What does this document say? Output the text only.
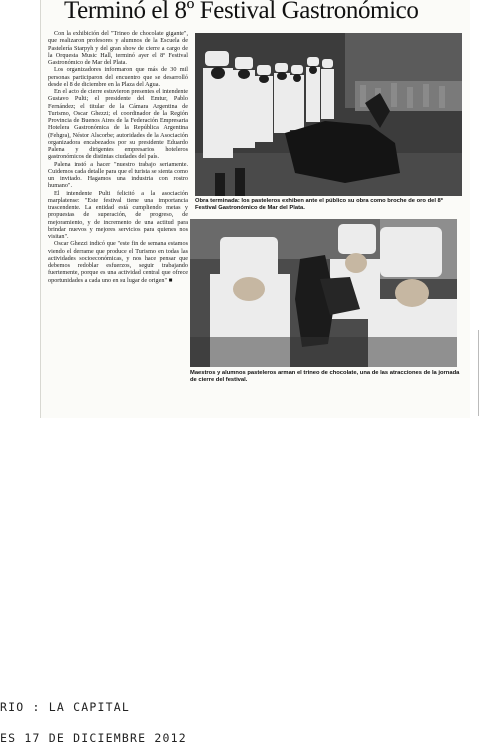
Terminó el 8º Festival Gastronómico

Con la exhibición del "Trineo de chocolate gigante", que realizaron profesores y alumnos de la Escuela de Pastelería Starpyh y del gran show de cierre a cargo de la Orquesta Music Hall, terminó ayer el 8º Festival Gastronómico de Mar del Plata.

Los organizadores informaron que más de 30 mil personas participaron del encuentro que se desarrolló desde el 8 de diciembre en la Plaza del Agua.

En el acto de cierre estuvieron presentes el intendente Gustavo Pulti; el presidente del Emtur, Pablo Fernández; el titular de la Cámara Argentina de Turismo, Oscar Ghezzi; el coordinador de la Región Provincia de Buenos Aires de la Federación Empresaria Hotelera Gastronómica de la República Argentina (Fehgra), Néstor Alscorbe; autoridades de la Asociación organizadora encabezados por su presidente Eduardo Palena y dirigentes empresarios hoteleros gastronómicos de distintas ciudades del país.

Palena instó a hacer "nuestro trabajo seriamente. Cuidemos cada detalle para que el turista se sienta como un invitado. Hagamos una industria con rostro humano".

El intendente Pulti felicitó a la asociación marplatense: "Este festival tiene una importancia trascendente. La entidad está cumpliendo metas y propuestas de superación, de progreso, de mejoramiento, y de incremento de una actitud para brindar nuevos y mejores servicios para quienes nos visitan".

Oscar Ghezzi indicó que "este fin de semana estamos viendo el derrame que produce el Turismo en todas las actividades socioeconómicas, y nos hace pensar que debemos redoblar esfuerzos, seguir trabajando fuertemente, porque es una actividad central que ofrece oportunidades a cada uno en su lugar de origen" ■

Obra terminada: los pasteleros exhiben ante el público su obra como broche de oro del 8º Festival Gastronómico de Mar del Plata.
Maestros y alumnos pasteleros arman el trineo de chocolate, una de las atracciones de la jornada de cierre del festival.
RIO : LA CAPITAL
ES 17 DE DICIEMBRE 2012
